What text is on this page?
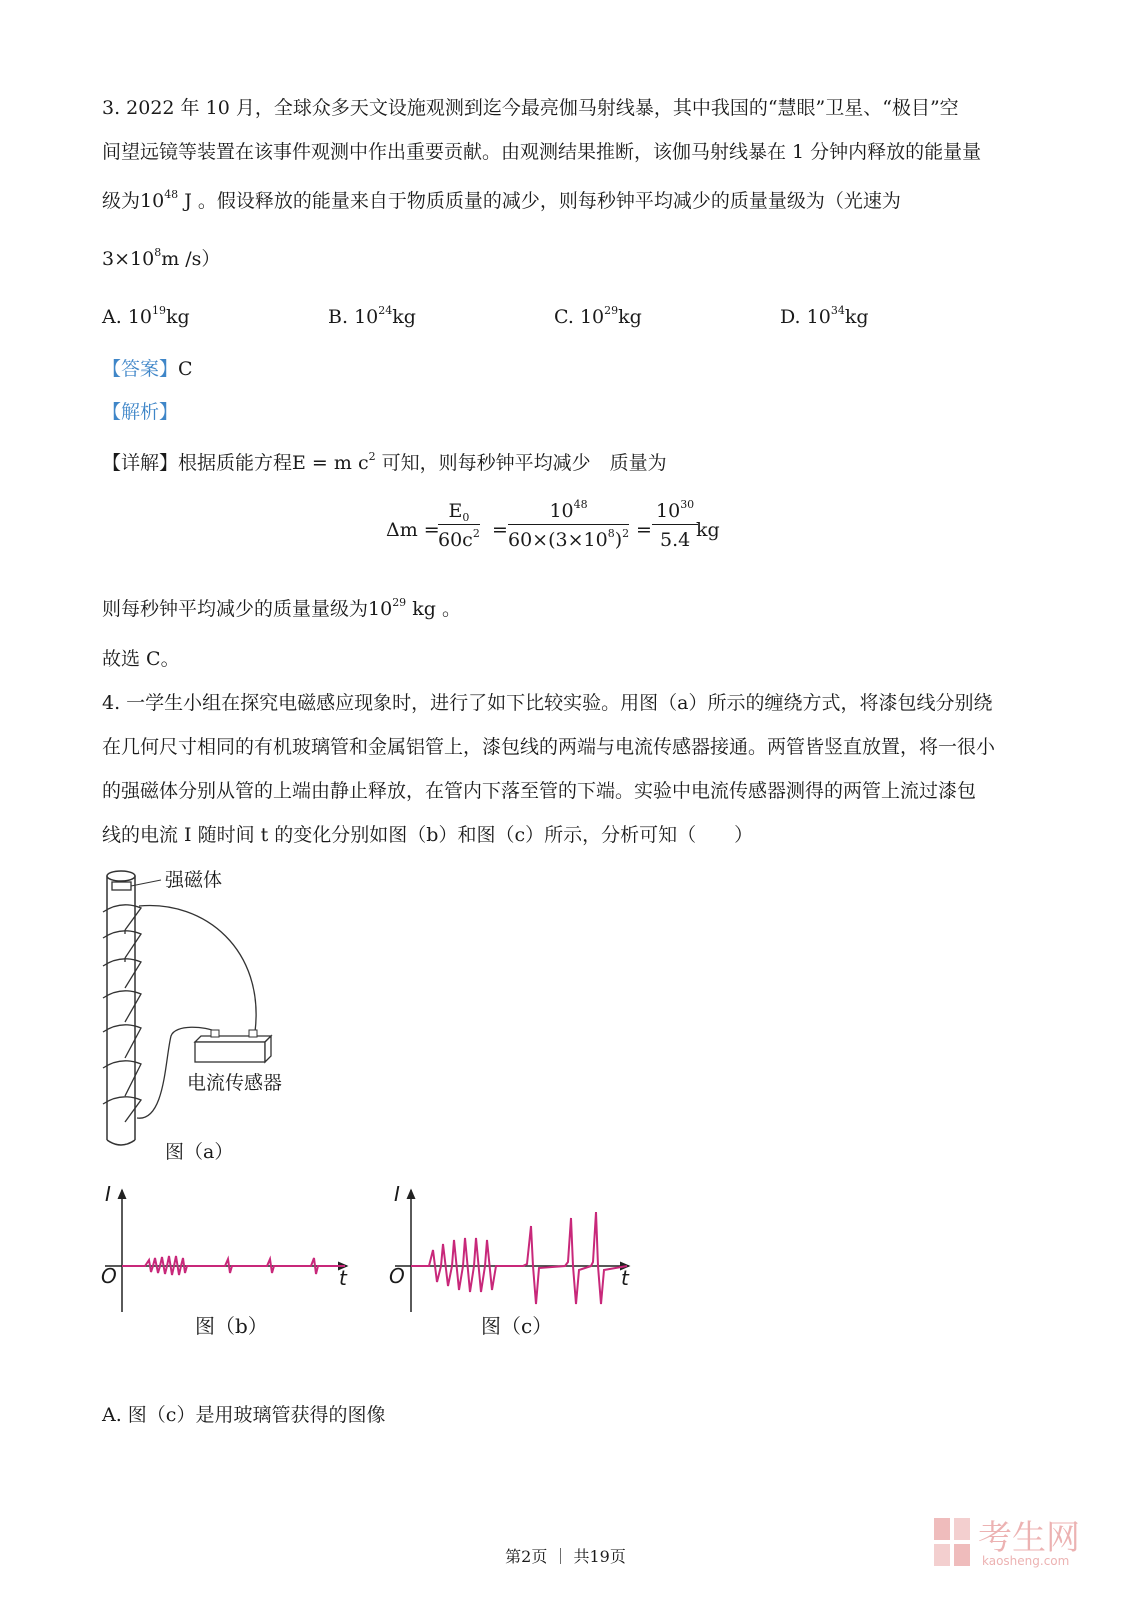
3. 2022 年 10 月，全球众多天文设施观测到迄今最亮伽马射线暴，其中我国的“慧眼”卫星、“极目”空
间望远镜等装置在该事件观测中作出重要贡献。由观测结果推断，该伽马射线暴在 1 分钟内释放的能量量
级为$10^{48}$ J 。假设释放的能量来自于物质质量的减少，则每秒钟平均减少的质量量级为（光速为
$3\times 10^8m$ /s）
A. $10^{19}kg$	B. $10^{24}kg$	C. $10^{29}kg$	D. $10^{34}kg$
【答案】C
【解析】
【详解】根据质能方程E = m $c^2$ 可知，则每秒钟平均减少　质量为
Δm =
$\frac{E_0}{60c^2} = \frac{10^{48}}{60\times(3\times 10^8)^2} = \frac{10^{30}}{5.4}$
kg
则每秒钟平均减少的质量量级为$10^{29}$ kg 。
故选 C。
4. 一学生小组在探究电磁感应现象时，进行了如下比较实验。用图（a）所示的缠绕方式，将漆包线分别绕
在几何尺寸相同的有机玻璃管和金属铝管上，漆包线的两端与电流传感器接通。两管皆竖直放置，将一很小
的强磁体分别从管的上端由静止释放，在管内下落至管的下端。实验中电流传感器测得的两管上流过漆包
线的电流 I 随时间 t 的变化分别如图（b）和图（c）所示，分析可知（　　）
强磁体
电流传感器
图（a）
I
t
O
图（b）
I
t
O
图（c）
A. 图（c）是用玻璃管获得的图像
第2页 ｜ 共19页	考生网
kaosheng.com
